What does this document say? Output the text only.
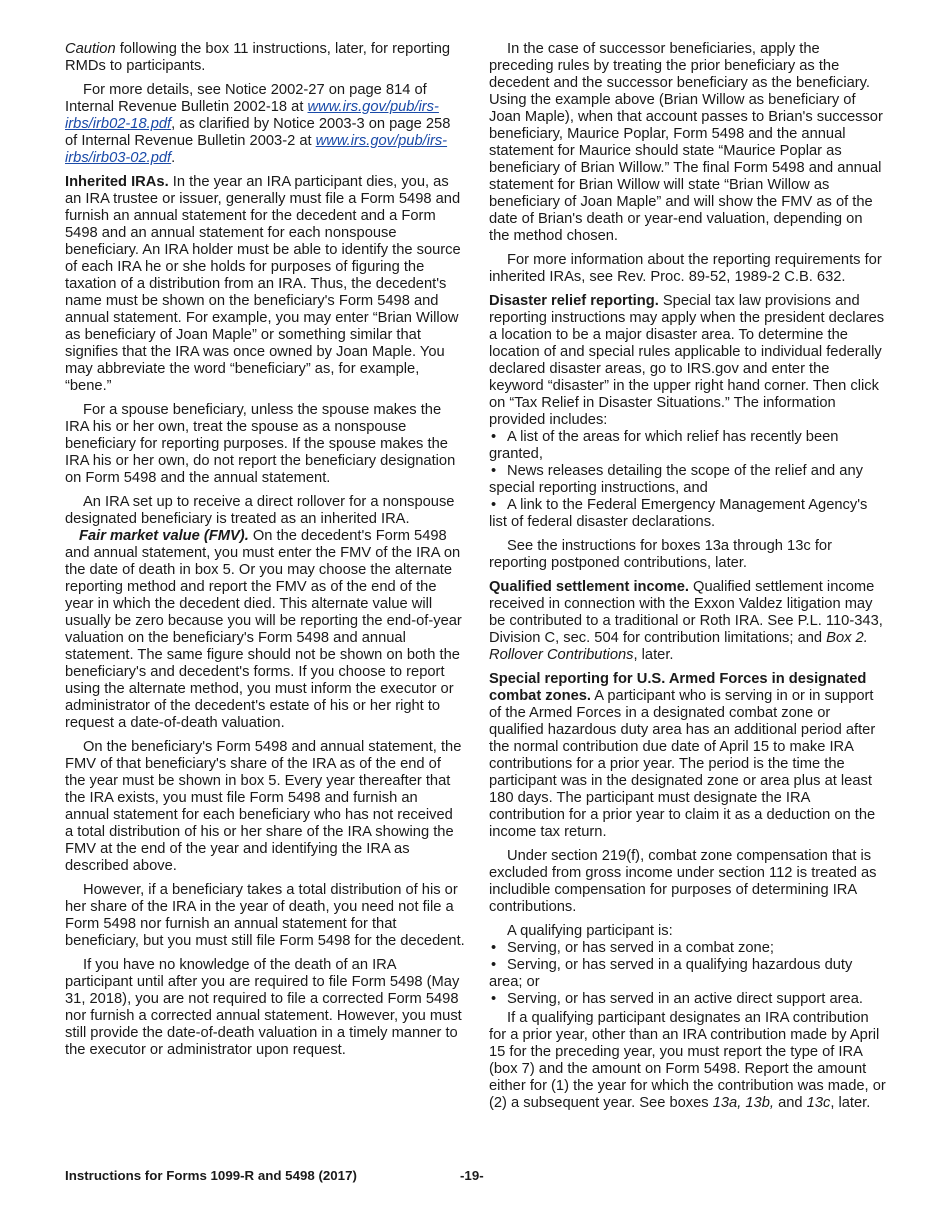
Caution following the box 11 instructions, later, for reporting RMDs to participants.

For more details, see Notice 2002-27 on page 814 of Internal Revenue Bulletin 2002-18 at www.irs.gov/pub/irs-irbs/irb02-18.pdf, as clarified by Notice 2003-3 on page 258 of Internal Revenue Bulletin 2003-2 at www.irs.gov/pub/irs-irbs/irb03-02.pdf.

Inherited IRAs. In the year an IRA participant dies, you, as an IRA trustee or issuer, generally must file a Form 5498 and furnish an annual statement for the decedent and a Form 5498 and an annual statement for each nonspouse beneficiary. An IRA holder must be able to identify the source of each IRA he or she holds for purposes of figuring the taxation of a distribution from an IRA. Thus, the decedent's name must be shown on the beneficiary's Form 5498 and annual statement. For example, you may enter “Brian Willow as beneficiary of Joan Maple” or something similar that signifies that the IRA was once owned by Joan Maple. You may abbreviate the word “beneficiary” as, for example, “bene.”

For a spouse beneficiary, unless the spouse makes the IRA his or her own, treat the spouse as a nonspouse beneficiary for reporting purposes. If the spouse makes the IRA his or her own, do not report the beneficiary designation on Form 5498 and the annual statement.

An IRA set up to receive a direct rollover for a nonspouse designated beneficiary is treated as an inherited IRA.

Fair market value (FMV). On the decedent's Form 5498 and annual statement, you must enter the FMV of the IRA on the date of death in box 5. Or you may choose the alternate reporting method and report the FMV as of the end of the year in which the decedent died. This alternate value will usually be zero because you will be reporting the end-of-year valuation on the beneficiary's Form 5498 and annual statement. The same figure should not be shown on both the beneficiary's and decedent's forms. If you choose to report using the alternate method, you must inform the executor or administrator of the decedent's estate of his or her right to request a date-of-death valuation.

On the beneficiary's Form 5498 and annual statement, the FMV of that beneficiary's share of the IRA as of the end of the year must be shown in box 5. Every year thereafter that the IRA exists, you must file Form 5498 and furnish an annual statement for each beneficiary who has not received a total distribution of his or her share of the IRA showing the FMV at the end of the year and identifying the IRA as described above.

However, if a beneficiary takes a total distribution of his or her share of the IRA in the year of death, you need not file a Form 5498 nor furnish an annual statement for that beneficiary, but you must still file Form 5498 for the decedent.

If you have no knowledge of the death of an IRA participant until after you are required to file Form 5498 (May 31, 2018), you are not required to file a corrected Form 5498 nor furnish a corrected annual statement. However, you must still provide the date-of-death valuation in a timely manner to the executor or administrator upon request.

In the case of successor beneficiaries, apply the preceding rules by treating the prior beneficiary as the decedent and the successor beneficiary as the beneficiary. Using the example above (Brian Willow as beneficiary of Joan Maple), when that account passes to Brian's successor beneficiary, Maurice Poplar, Form 5498 and the annual statement for Maurice should state “Maurice Poplar as beneficiary of Brian Willow.” The final Form 5498 and annual statement for Brian Willow will state “Brian Willow as beneficiary of Joan Maple” and will show the FMV as of the date of Brian's death or year-end valuation, depending on the method chosen.

For more information about the reporting requirements for inherited IRAs, see Rev. Proc. 89-52, 1989-2 C.B. 632.

Disaster relief reporting. Special tax law provisions and reporting instructions may apply when the president declares a location to be a major disaster area. To determine the location of and special rules applicable to individual federally declared disaster areas, go to IRS.gov and enter the keyword “disaster” in the upper right hand corner. Then click on “Tax Relief in Disaster Situations.” The information provided includes:

• A list of the areas for which relief has recently been granted,
• News releases detailing the scope of the relief and any special reporting instructions, and
• A link to the Federal Emergency Management Agency's list of federal disaster declarations.

See the instructions for boxes 13a through 13c for reporting postponed contributions, later.

Qualified settlement income. Qualified settlement income received in connection with the Exxon Valdez litigation may be contributed to a traditional or Roth IRA. See P.L. 110-343, Division C, sec. 504 for contribution limitations; and Box 2. Rollover Contributions, later.

Special reporting for U.S. Armed Forces in designated combat zones. A participant who is serving in or in support of the Armed Forces in a designated combat zone or qualified hazardous duty area has an additional period after the normal contribution due date of April 15 to make IRA contributions for a prior year. The period is the time the participant was in the designated zone or area plus at least 180 days. The participant must designate the IRA contribution for a prior year to claim it as a deduction on the income tax return.

Under section 219(f), combat zone compensation that is excluded from gross income under section 112 is treated as includible compensation for purposes of determining IRA contributions.

A qualifying participant is:

• Serving, or has served in a combat zone;
• Serving, or has served in a qualifying hazardous duty area; or
• Serving, or has served in an active direct support area.

If a qualifying participant designates an IRA contribution for a prior year, other than an IRA contribution made by April 15 for the preceding year, you must report the type of IRA (box 7) and the amount on Form 5498. Report the amount either for (1) the year for which the contribution was made, or (2) a subsequent year. See boxes 13a, 13b, and 13c, later.

Instructions for Forms 1099-R and 5498 (2017)	-19-
